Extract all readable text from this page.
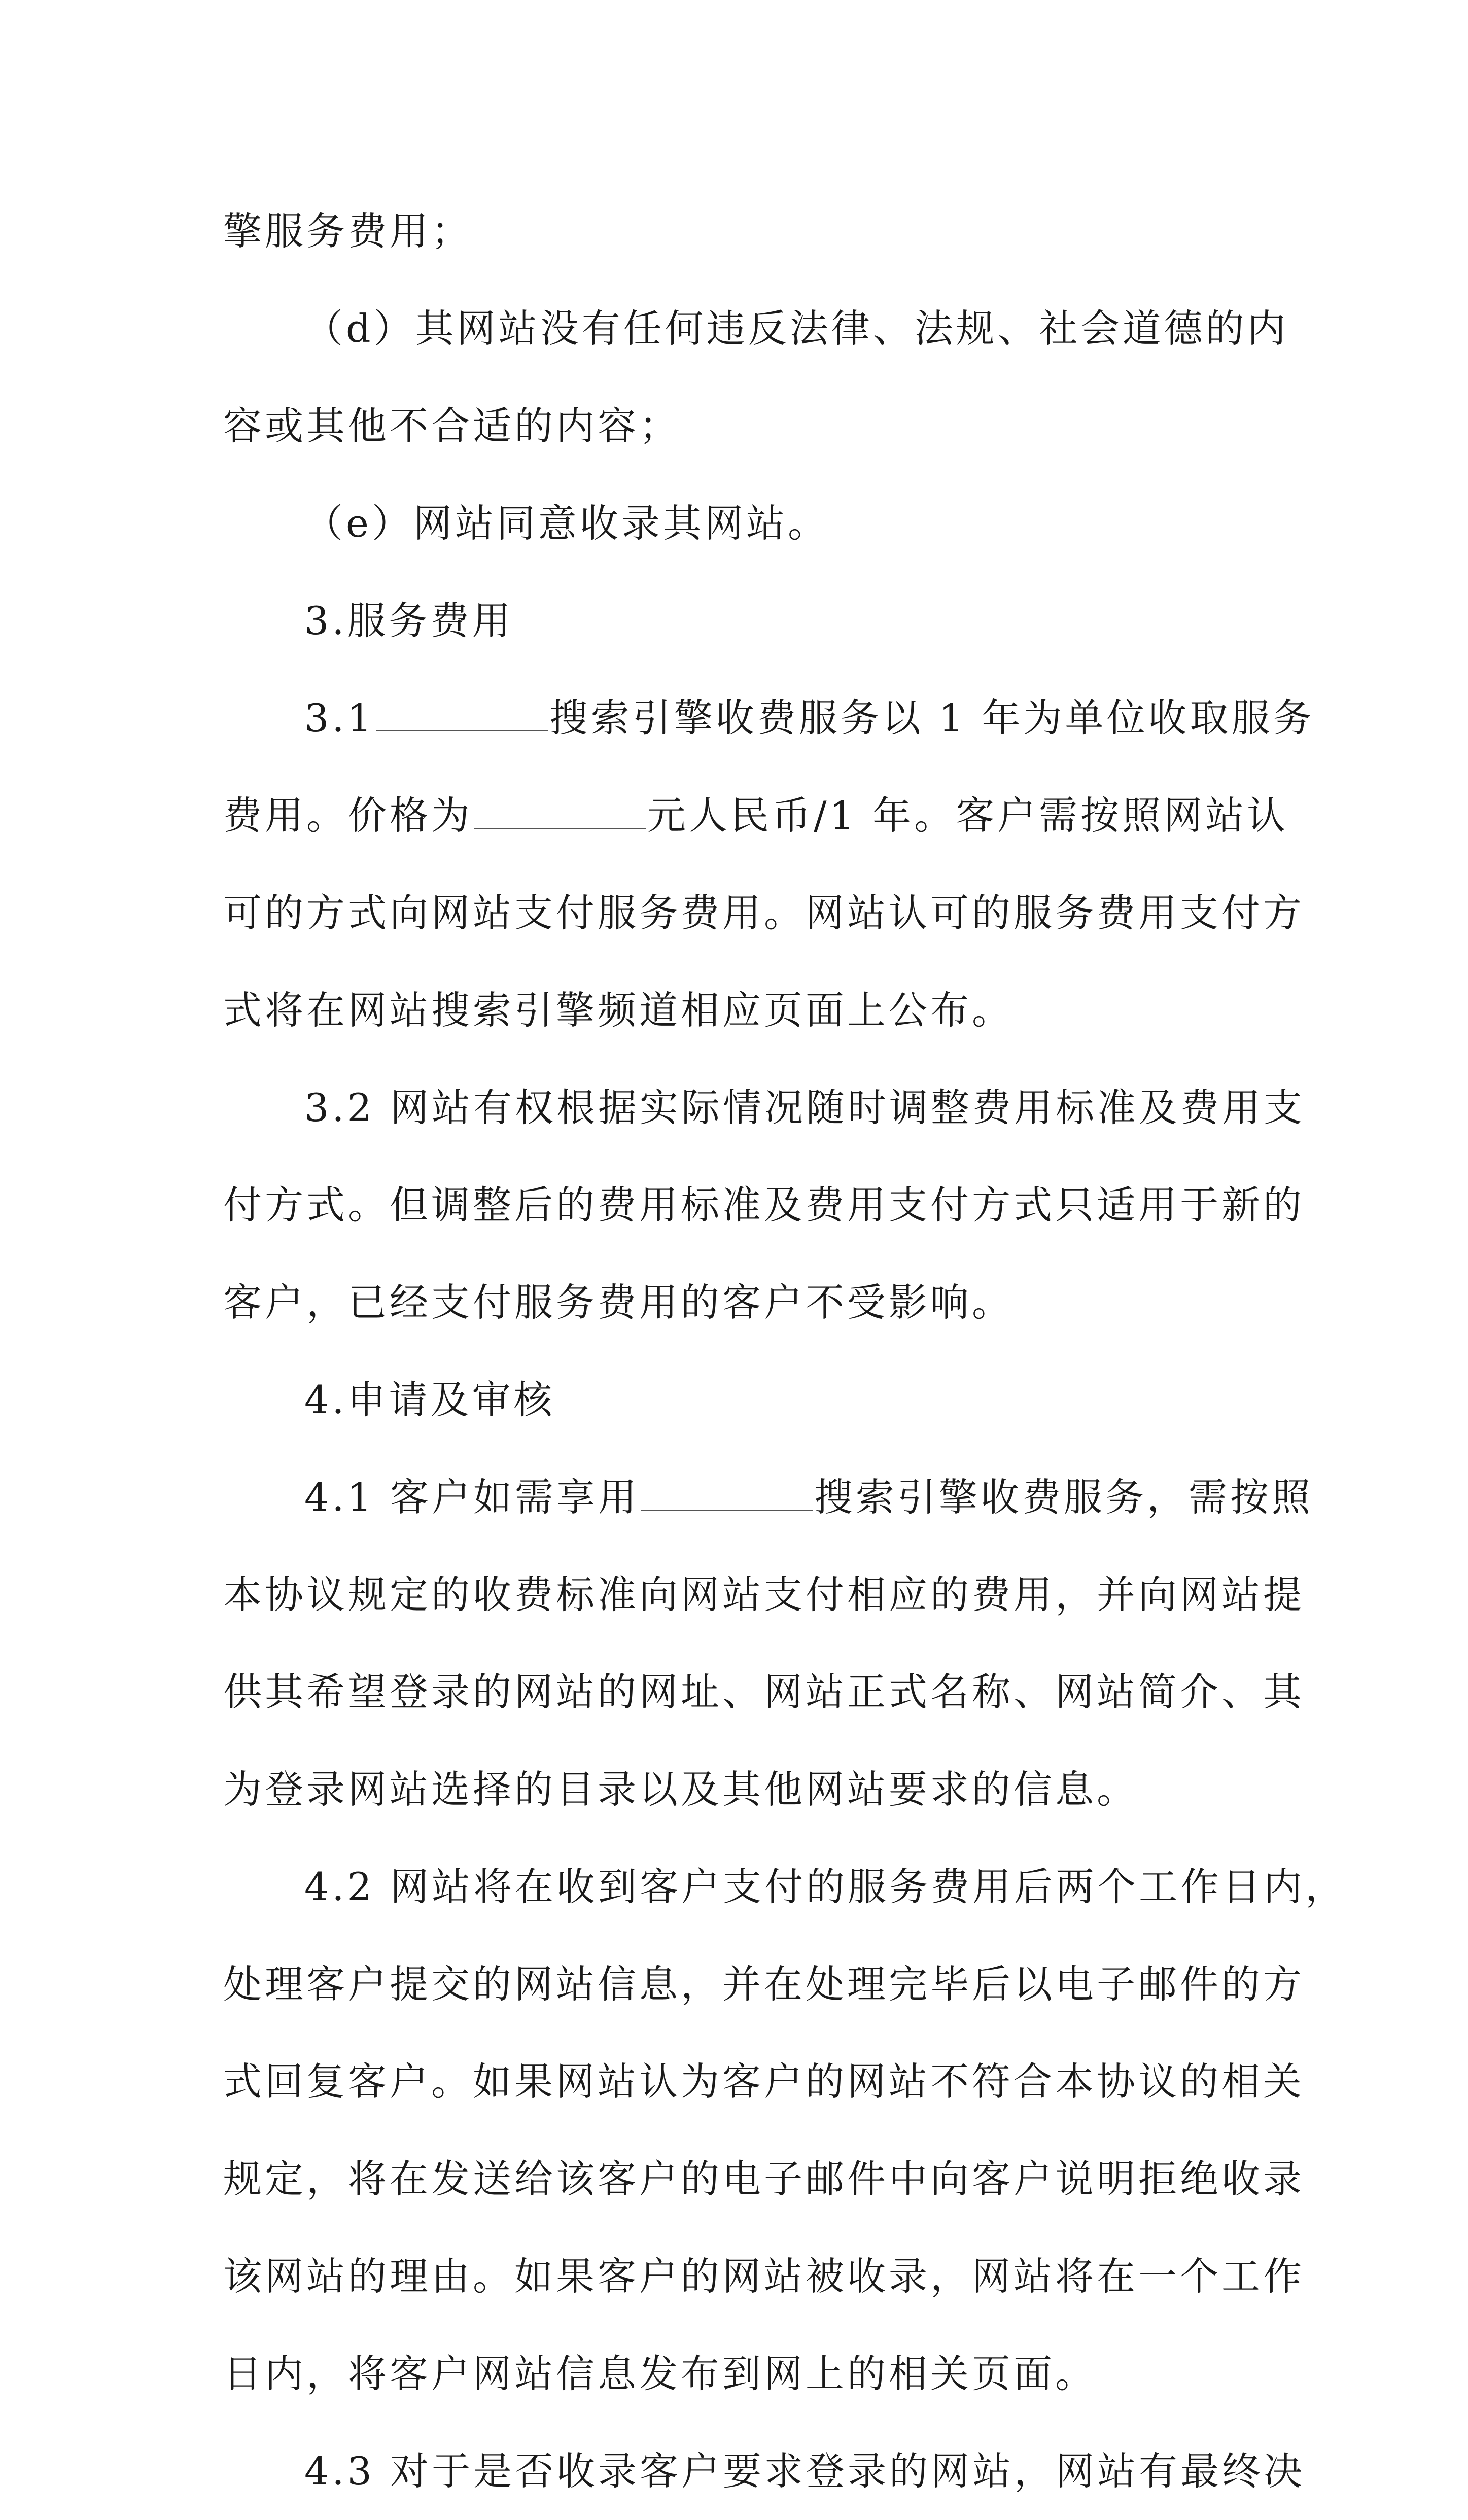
擎服务费用；
（d）其网站没有任何违反法律、法规、社会道德的内
容或其他不合适的内容；
（e）网站同意收录其网站。
3.服务费用
3.1	搜索引擎收费服务以 1 年为单位收取服务
费用。价格为	元人民币/1 年。客户需按照网站认
可的方式向网站支付服务费用。网站认可的服务费用支付方
式将在网站搜索引擎频道相应页面上公布。
3.2 网站有权根据实际情况随时调整费用标准及费用支
付方式。但调整后的费用标准及费用支付方式只适用于新的
客户，已经支付服务费用的客户不受影响。
4.申请及审核
4.1 客户如需享用	搜索引擎收费服务，需按照
本协议规定的收费标准向网站支付相应的费用，并向网站提
供其希望登录的网站的网址、网站正式名称、网站简介、其
为登录网站选择的目录以及其他网站要求的信息。
4.2 网站将在收到客户支付的服务费用后两个工作日内，
处理客户提交的网站信息，并在处理完毕后以电子邮件的方
式回复客户。如果网站认为客户的网站不符合本协议的相关
规定，将在发送给该客户的电子邮件中向客户说明拒绝收录
该网站的理由。如果客户的网站被收录，网站将在一个工作
日内，将客户网站信息发布到网上的相关页面。
4.3 对于是否收录客户要求登录的网站，网站有最终决
